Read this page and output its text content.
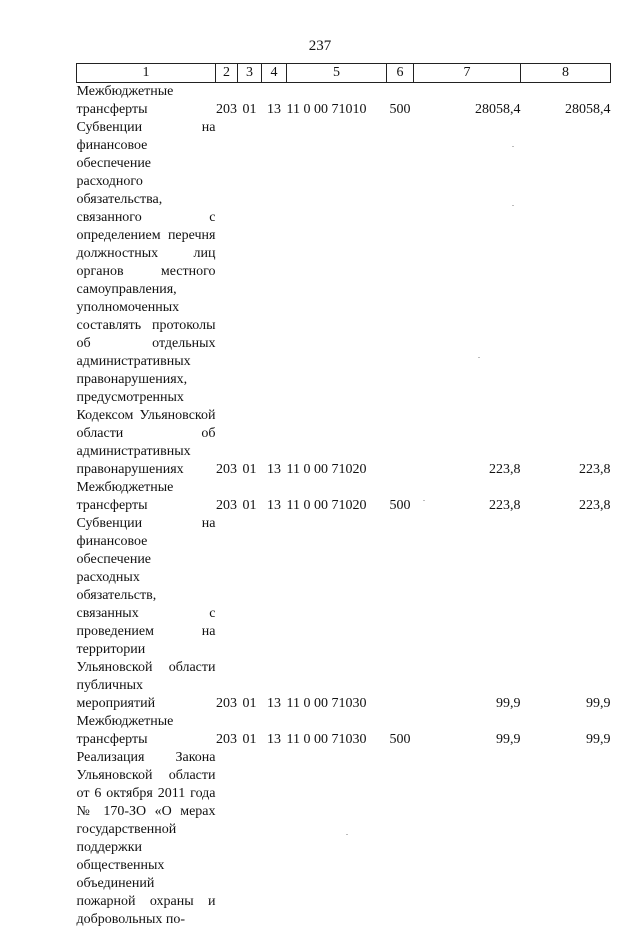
237
1	2	3	4	5	6	7	8
Межбюджетные
трансферты	203	01	13	11 0 00 71010	500	28058,4	28058,4
Субвенции на финансовое обеспечение расходного обязательства, связанного с определением перечня должностных лиц органов местного самоуправления, уполномоченных составлять протоколы об отдельных административных правонарушениях, предусмотренных Кодексом Ульяновской области об административных правонарушениях	203	01	13	11 0 00 71020		223,8	223,8
Межбюджетные
трансферты	203	01	13	11 0 00 71020	500	223,8	223,8
Субвенции на финансовое обеспечение расходных обязательств, связанных с проведением на территории Ульяновской области публичных мероприятий	203	01	13	11 0 00 71030		99,9	99,9
Межбюджетные
трансферты	203	01	13	11 0 00 71030	500	99,9	99,9
Реализация Закона Ульяновской области от 6 октября 2011 года № 170-ЗО «О мерах государственной поддержки общественных объединений пожарной охраны и добровольных по-							
